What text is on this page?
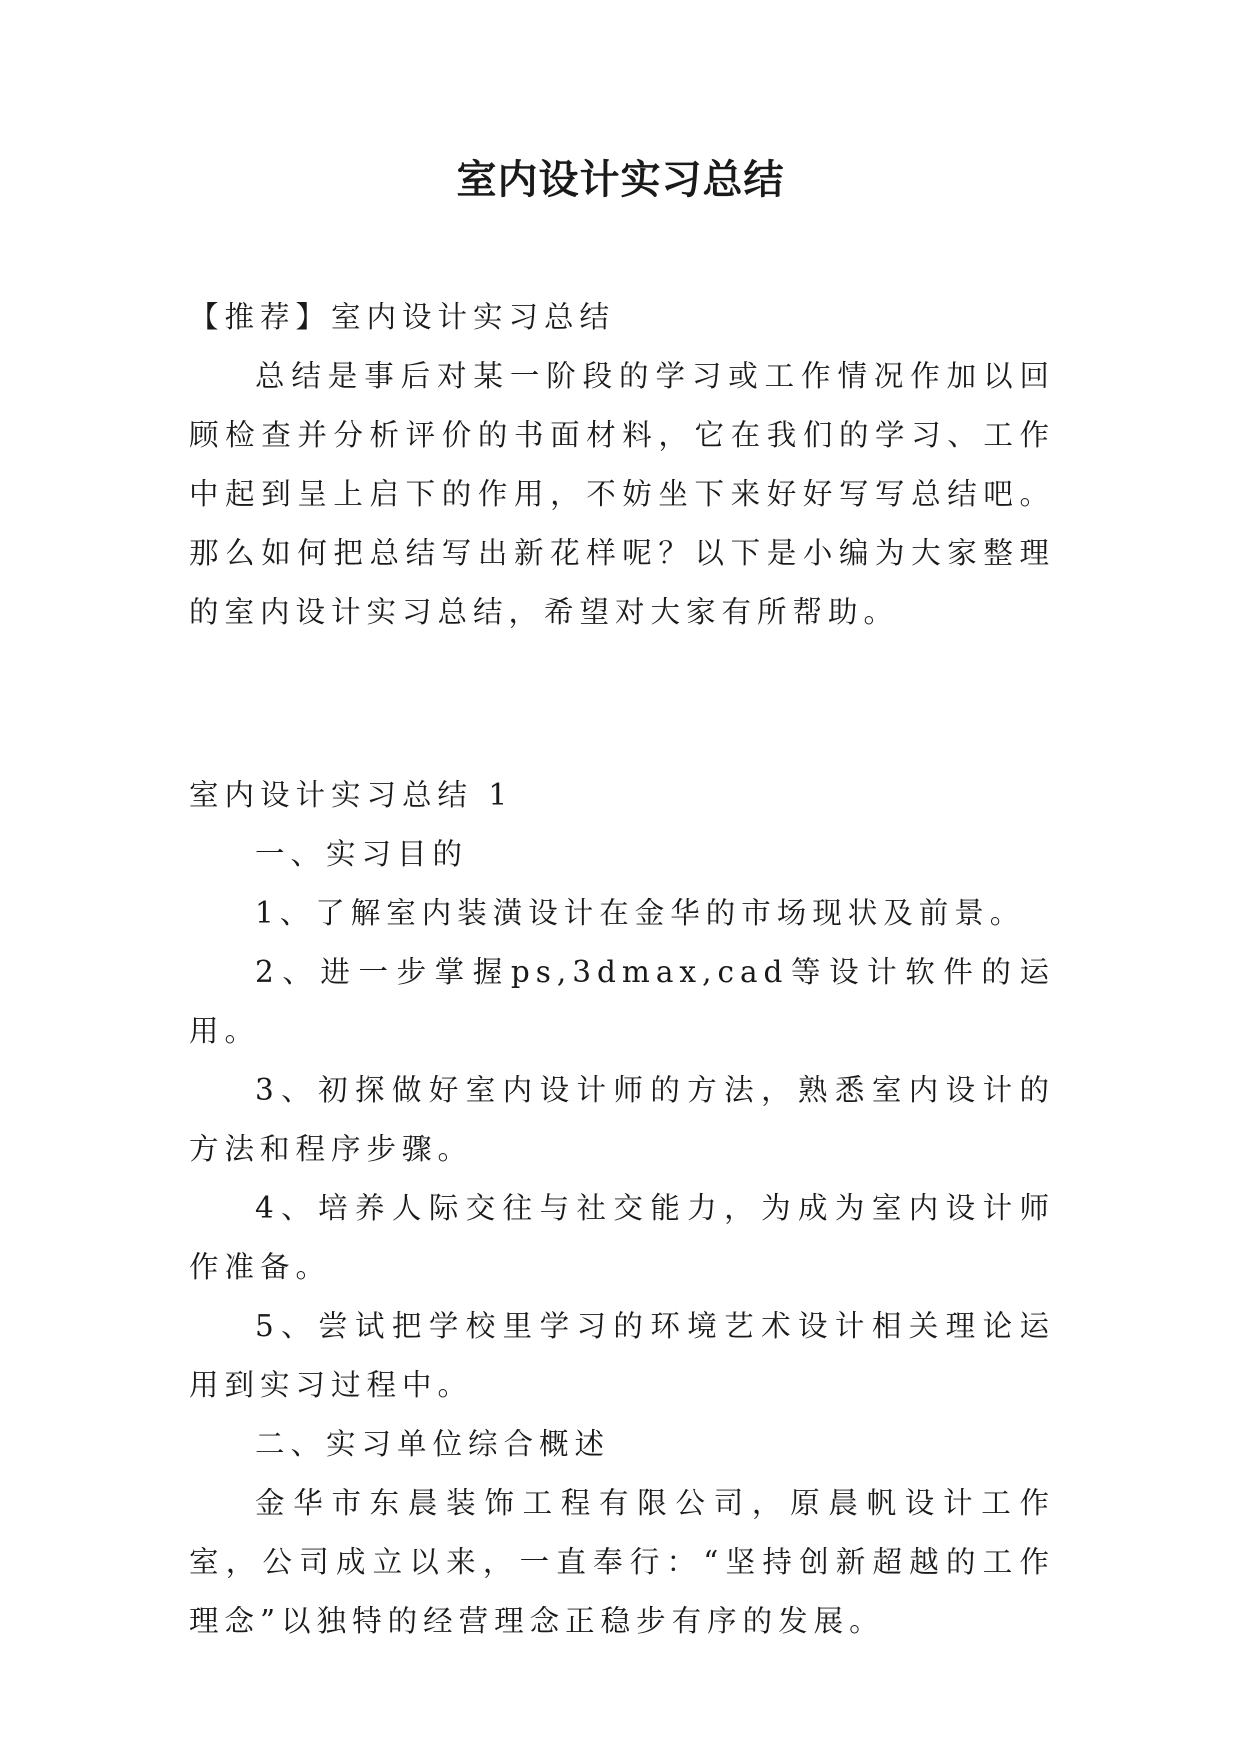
室内设计实习总结

【推荐】室内设计实习总结

总结是事后对某一阶段的学习或工作情况作加以回顾检查并分析评价的书面材料，它在我们的学习、工作中起到呈上启下的作用，不妨坐下来好好写写总结吧。那么如何把总结写出新花样呢？以下是小编为大家整理的室内设计实习总结，希望对大家有所帮助。

室内设计实习总结 1

一、实习目的

1、了解室内装潢设计在金华的市场现状及前景。

2、进一步掌握ps,3dmax,cad等设计软件的运用。

3、初探做好室内设计师的方法，熟悉室内设计的方法和程序步骤。

4、培养人际交往与社交能力，为成为室内设计师作准备。

5、尝试把学校里学习的环境艺术设计相关理论运用到实习过程中。

二、实习单位综合概述

金华市东晨装饰工程有限公司，原晨帆设计工作室，公司成立以来，一直奉行：“坚持创新超越的工作理念”以独特的经营理念正稳步有序的发展。
